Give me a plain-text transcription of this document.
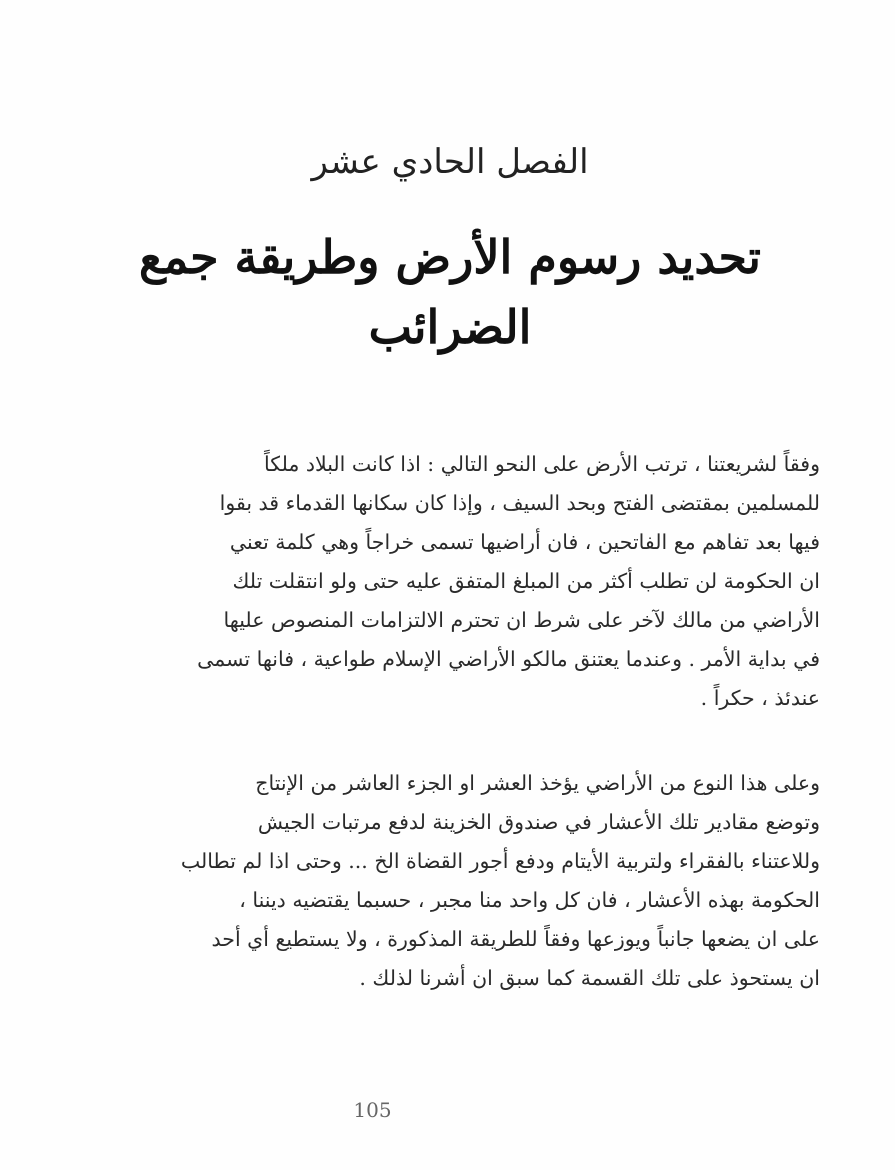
الفصل الحادي عشر
تحديد رسوم الأرض وطريقة جمع الضرائب
وفقاً لشريعتنا ، ترتب الأرض على النحو التالي : اذا كانت البلاد ملكاً
للمسلمين بمقتضى الفتح وبحد السيف ، وإذا كان سكانها القدماء قد بقوا
فيها بعد تفاهم مع الفاتحين ، فان أراضيها تسمى خراجاً وهي كلمة تعني
ان الحكومة لن تطلب أكثر من المبلغ المتفق عليه حتى ولو انتقلت تلك
الأراضي من مالك لآخر على شرط ان تحترم الالتزامات المنصوص عليها
في بداية الأمر . وعندما يعتنق مالكو الأراضي الإسلام طواعية ، فانها تسمى
عندئذ ، حكراً .
وعلى هذا النوع من الأراضي يؤخذ العشر او الجزء العاشر من الإنتاج
وتوضع مقادير تلك الأعشار في صندوق الخزينة لدفع مرتبات الجيش
وللاعتناء بالفقراء ولتربية الأيتام ودفع أجور القضاة الخ ... وحتى اذا لم تطالب
الحكومة بهذه الأعشار ، فان كل واحد منا مجبر ، حسبما يقتضيه ديننا ،
على ان يضعها جانباً ويوزعها وفقاً للطريقة المذكورة ، ولا يستطيع أي أحد
ان يستحوذ على تلك القسمة كما سبق ان أشرنا لذلك .
105
